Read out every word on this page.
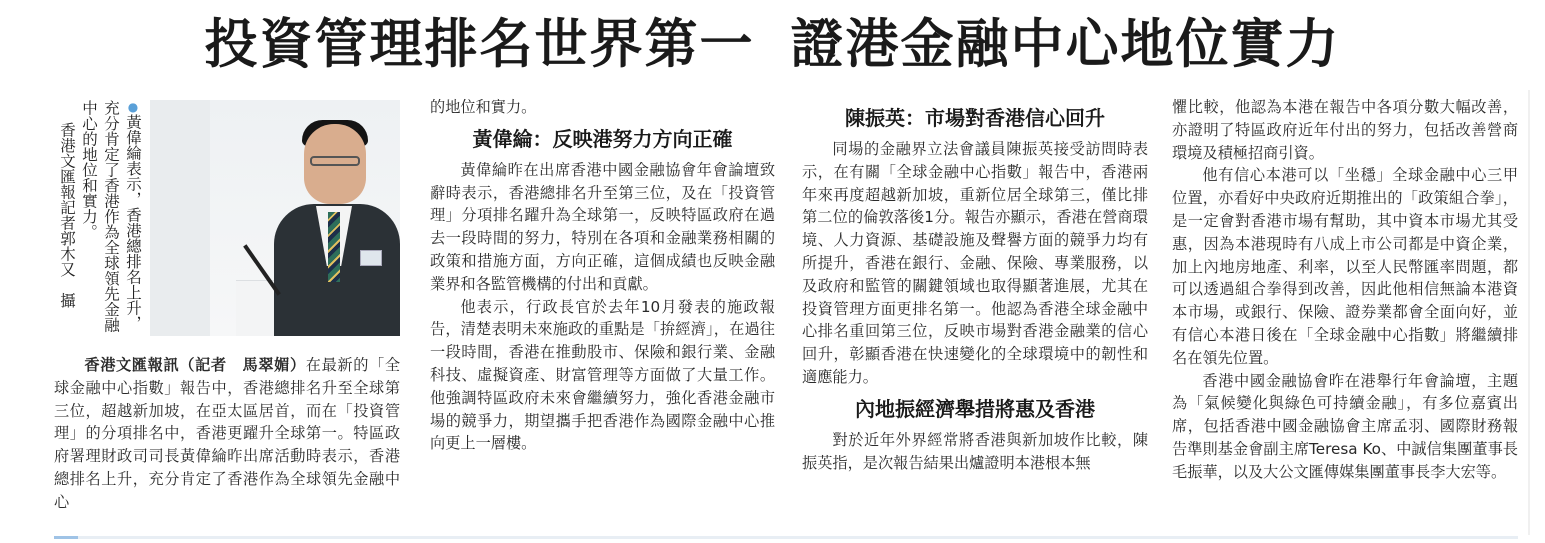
投資管理排名世界第一 證港金融中心地位實力
●黃偉綸表示，香港總排名上升，充分肯定了香港作為全球領先金融中心的地位和實力。
香港文匯報記者郭木又　攝

香港文匯報訊（記者　馬翠媚）在最新的「全球金融中心指數」報告中，香港總排名升至全球第三位，超越新加坡，在亞太區居首，而在「投資管理」的分項排名中，香港更躍升全球第一。特區政府署理財政司司長黃偉綸昨出席活動時表示，香港總排名上升，充分肯定了香港作為全球領先金融中心

的地位和實力。

黃偉綸：反映港努力方向正確

黃偉綸昨在出席香港中國金融協會年會論壇致辭時表示，香港總排名升至第三位，及在「投資管理」分項排名躍升為全球第一，反映特區政府在過去一段時間的努力，特別在各項和金融業務相關的政策和措施方面，方向正確，這個成績也反映金融業界和各監管機構的付出和貢獻。

他表示，行政長官於去年10月發表的施政報告，清楚表明未來施政的重點是「拚經濟」，在過往一段時間，香港在推動股市、保險和銀行業、金融科技、虛擬資產、財富管理等方面做了大量工作。他強調特區政府未來會繼續努力，強化香港金融市場的競爭力，期望攜手把香港作為國際金融中心推向更上一層樓。

陳振英：市場對香港信心回升

同場的金融界立法會議員陳振英接受訪問時表示，在有關「全球金融中心指數」報告中，香港兩年來再度超越新加坡，重新位居全球第三，僅比排第二位的倫敦落後1分。報告亦顯示，香港在營商環境、人力資源、基礎設施及聲譽方面的競爭力均有所提升，香港在銀行、金融、保險、專業服務，以及政府和監管的關鍵領域也取得顯著進展，尤其在投資管理方面更排名第一。他認為香港全球金融中心排名重回第三位，反映市場對香港金融業的信心回升，彰顯香港在快速變化的全球環境中的韌性和適應能力。

內地振經濟舉措將惠及香港

對於近年外界經常將香港與新加坡作比較，陳振英指，是次報告結果出爐證明本港根本無

懼比較，他認為本港在報告中各項分數大幅改善，亦證明了特區政府近年付出的努力，包括改善營商環境及積極招商引資。

他有信心本港可以「坐穩」全球金融中心三甲位置，亦看好中央政府近期推出的「政策組合拳」，是一定會對香港市場有幫助，其中資本市場尤其受惠，因為本港現時有八成上市公司都是中資企業，加上內地房地產、利率，以至人民幣匯率問題，都可以透過組合拳得到改善，因此他相信無論本港資本市場，或銀行、保險、證券業都會全面向好，並有信心本港日後在「全球金融中心指數」將繼續排名在領先位置。

香港中國金融協會昨在港舉行年會論壇，主題為「氣候變化與綠色可持續金融」，有多位嘉賓出席，包括香港中國金融協會主席孟羽、國際財務報告準則基金會副主席Teresa Ko、中誠信集團董事長毛振華，以及大公文匯傳媒集團董事長李大宏等。
